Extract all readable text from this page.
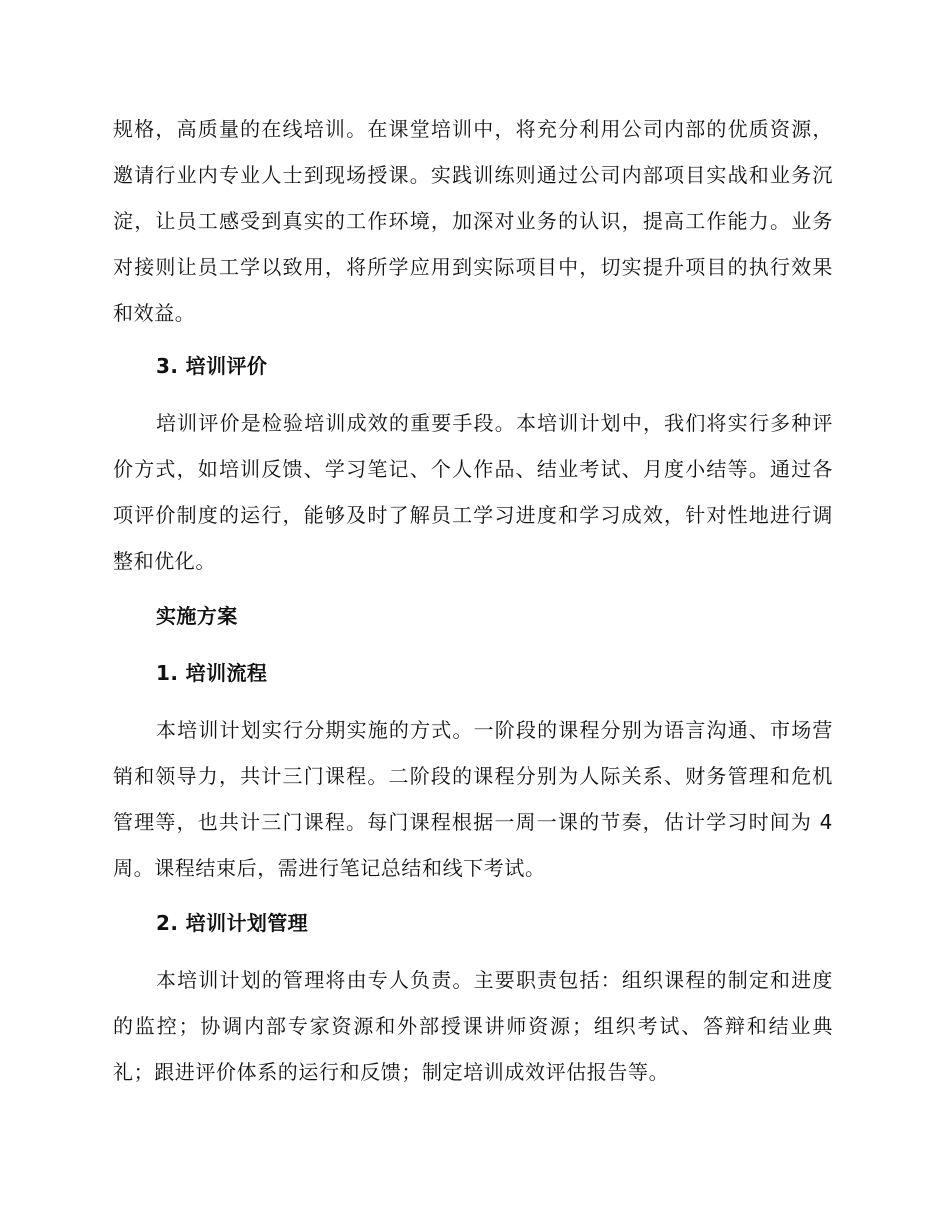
规格，高质量的在线培训。在课堂培训中，将充分利用公司内部的优质资源，邀请行业内专业人士到现场授课。实践训练则通过公司内部项目实战和业务沉淀，让员工感受到真实的工作环境，加深对业务的认识，提高工作能力。业务对接则让员工学以致用，将所学应用到实际项目中，切实提升项目的执行效果和效益。

3. 培训评价

培训评价是检验培训成效的重要手段。本培训计划中，我们将实行多种评价方式，如培训反馈、学习笔记、个人作品、结业考试、月度小结等。通过各项评价制度的运行，能够及时了解员工学习进度和学习成效，针对性地进行调整和优化。

实施方案
1. 培训流程

本培训计划实行分期实施的方式。一阶段的课程分别为语言沟通、市场营销和领导力，共计三门课程。二阶段的课程分别为人际关系、财务管理和危机管理等，也共计三门课程。每门课程根据一周一课的节奏，估计学习时间为 4 周。课程结束后，需进行笔记总结和线下考试。

2. 培训计划管理

本培训计划的管理将由专人负责。主要职责包括：组织课程的制定和进度的监控；协调内部专家资源和外部授课讲师资源；组织考试、答辩和结业典礼；跟进评价体系的运行和反馈；制定培训成效评估报告等。
